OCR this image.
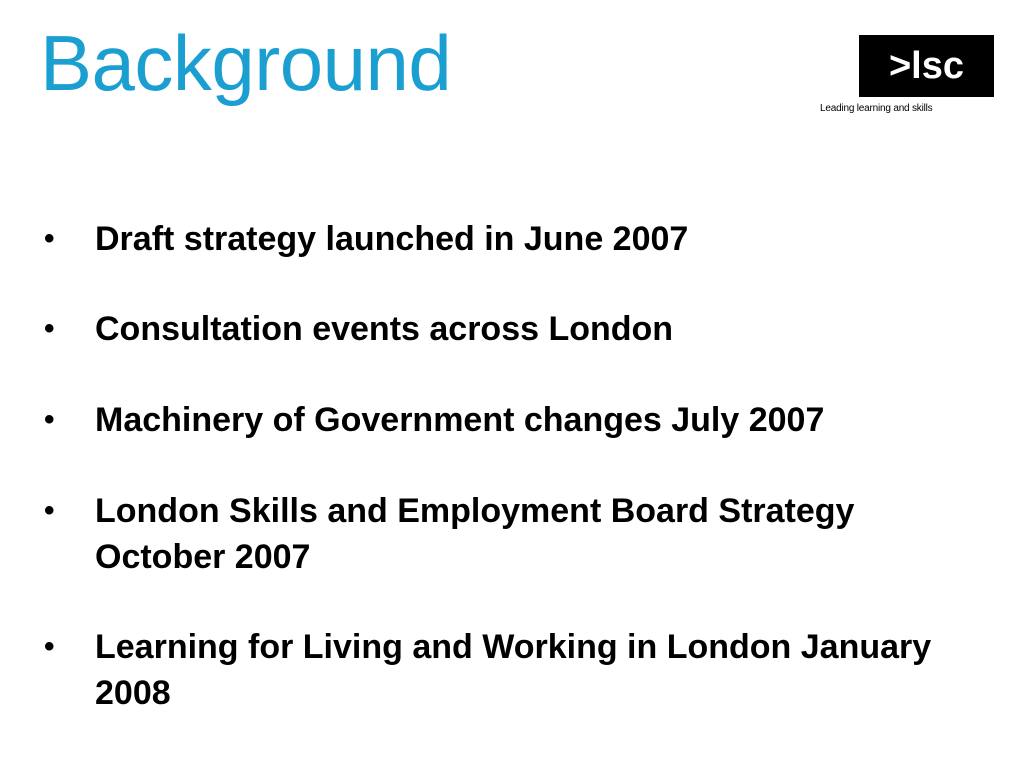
Background	>lsc
Leading learning and skills
• Draft strategy launched in June 2007
• Consultation events across London
• Machinery of Government changes July 2007
• London Skills and Employment Board Strategy October 2007
• Learning for Living and Working in London January 2008
